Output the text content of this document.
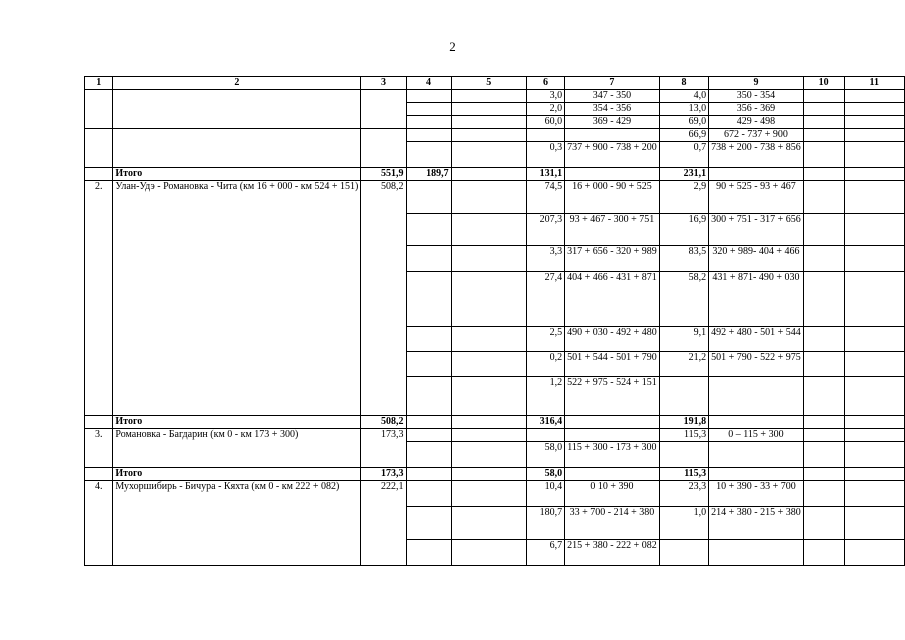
2
1	2	3	4	5	6	7	8	9	10	11
					3,0	347 - 350	4,0	350 - 354		
					2,0	354 - 356	13,0	356 - 369		
					60,0	369 - 429	69,0	429 - 498		
							66,9	672 - 737 + 900		
					0,3	737 + 900 - 738 + 200	0,7	738 + 200 - 738 + 856		
	Итого	551,9	189,7		131,1		231,1			
2.	Улан-Удэ - Романовка - Чита (км 16 + 000 - км 524 + 151)	508,2			74,5	16 + 000 - 90 + 525	2,9	90 + 525 - 93 + 467		
					207,3	93 + 467 - 300 + 751	16,9	300 + 751 - 317 + 656		
					3,3	317 + 656 - 320 + 989	83,5	320 + 989- 404 + 466		
					27,4	404 + 466 - 431 + 871	58,2	431 + 871- 490 + 030		
					2,5	490 + 030 - 492 + 480	9,1	492 + 480 - 501 + 544		
					0,2	501 + 544 - 501 + 790	21,2	501 + 790 - 522 + 975		
					1,2	522 + 975 - 524 + 151				
	Итого	508,2			316,4		191,8			
3.	Романовка - Багдарин (км 0 - км 173 + 300)	173,3					115,3	0 – 115 + 300		
					58,0	115 + 300 - 173 + 300				
	Итого	173,3			58,0		115,3			
4.	Мухоршибирь - Бичура - Кяхта (км 0 - км 222 + 082)	222,1			10,4	0 10 + 390	23,3	10 + 390 - 33 + 700		
					180,7	33 + 700 - 214 + 380	1,0	214 + 380 - 215 + 380		
					6,7	215 + 380 - 222 + 082				
